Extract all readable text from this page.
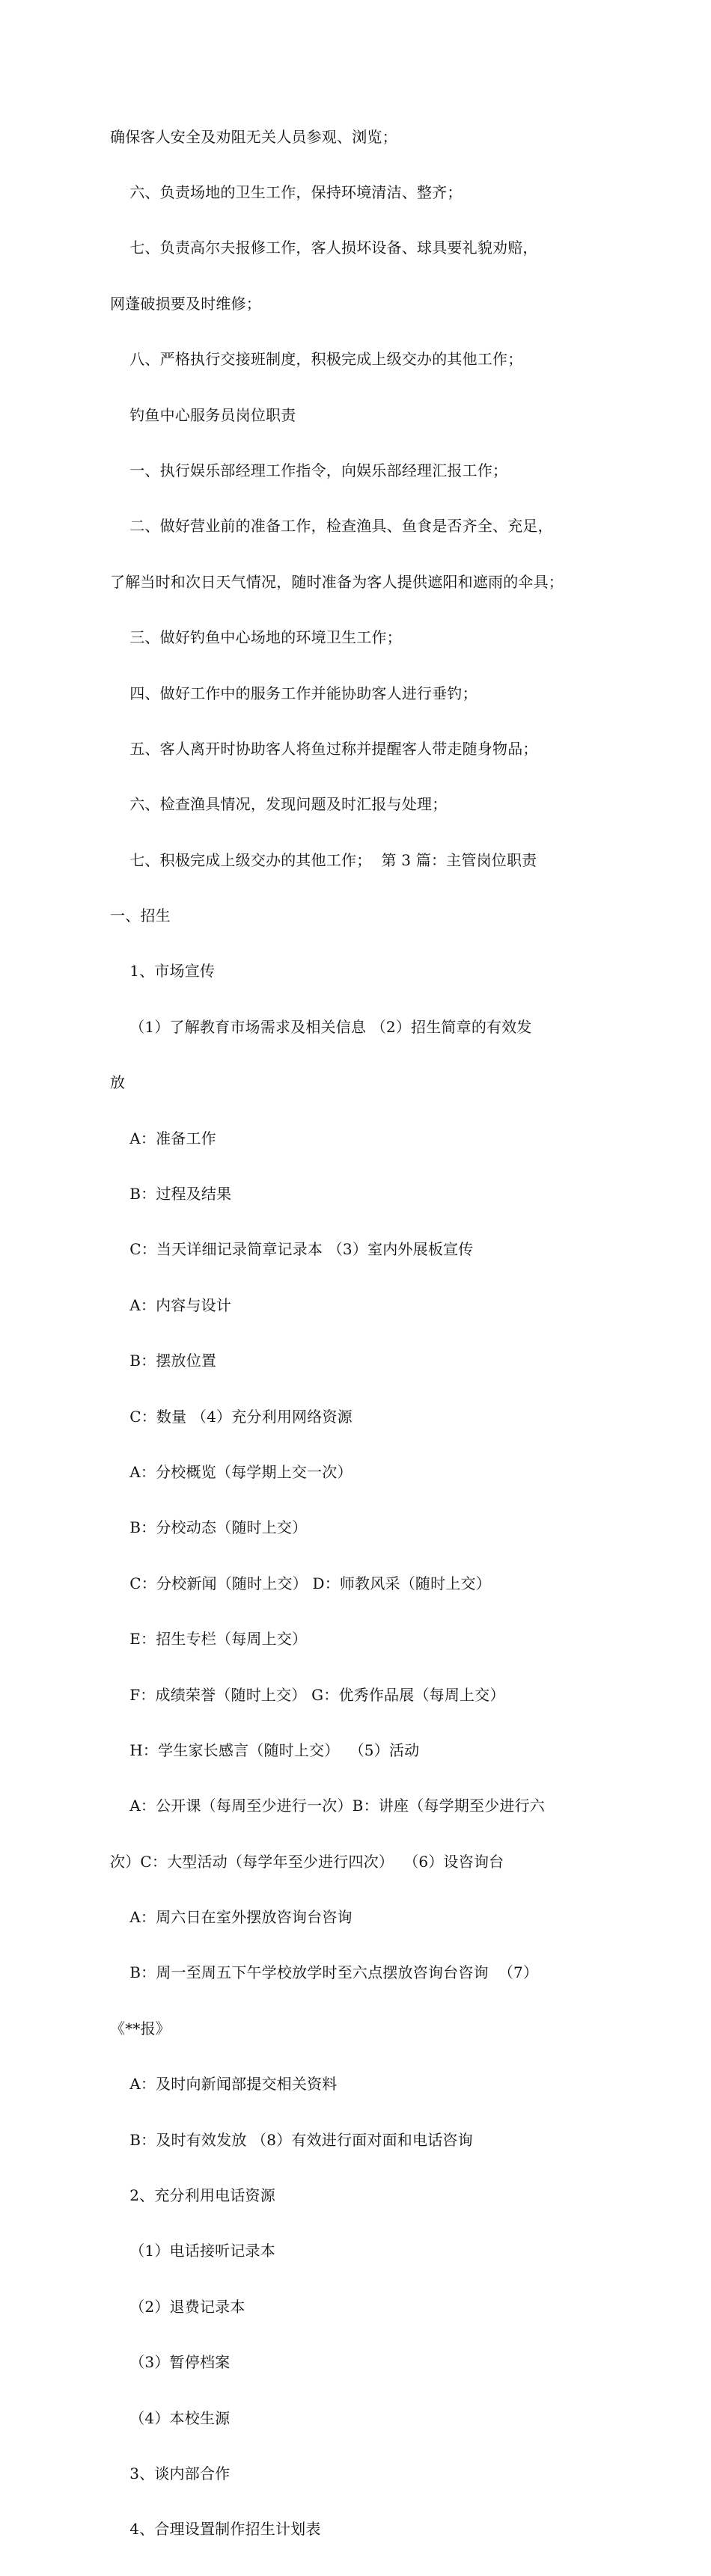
确保客人安全及劝阻无关人员参观、浏览；

六、负责场地的卫生工作，保持环境清洁、整齐；

七、负责高尔夫报修工作，客人损坏设备、球具要礼貌劝赔，

网蓬破损要及时维修；

八、严格执行交接班制度，积极完成上级交办的其他工作；

钓鱼中心服务员岗位职责

一、执行娱乐部经理工作指令，向娱乐部经理汇报工作；

二、做好营业前的准备工作，检查渔具、鱼食是否齐全、充足，

了解当时和次日天气情况，随时准备为客人提供遮阳和遮雨的伞具；

三、做好钓鱼中心场地的环境卫生工作；

四、做好工作中的服务工作并能协助客人进行垂钓；

五、客人离开时协助客人将鱼过称并提醒客人带走随身物品；

六、检查渔具情况，发现问题及时汇报与处理；

七、积极完成上级交办的其他工作；  第 3 篇：主管岗位职责

一、招生

1、市场宣传

（1）了解教育市场需求及相关信息 （2）招生简章的有效发

放

A：准备工作

B：过程及结果

C：当天详细记录简章记录本 （3）室内外展板宣传

A：内容与设计

B：摆放位置

C：数量 （4）充分利用网络资源

A：分校概览（每学期上交一次）

B：分校动态（随时上交）

C：分校新闻（随时上交） D：师教风采（随时上交）

E：招生专栏（每周上交）

F：成绩荣誉（随时上交） G：优秀作品展（每周上交）

H：学生家长感言（随时上交）  （5）活动

A：公开课（每周至少进行一次）B：讲座（每学期至少进行六

次）C：大型活动（每学年至少进行四次）  （6）设咨询台

A：周六日在室外摆放咨询台咨询

B：周一至周五下午学校放学时至六点摆放咨询台咨询  （7）

《**报》

A：及时向新闻部提交相关资料

B：及时有效发放 （8）有效进行面对面和电话咨询

2、充分利用电话资源

（1）电话接听记录本

（2）退费记录本

（3）暂停档案

（4）本校生源

3、谈内部合作

4、合理设置制作招生计划表
